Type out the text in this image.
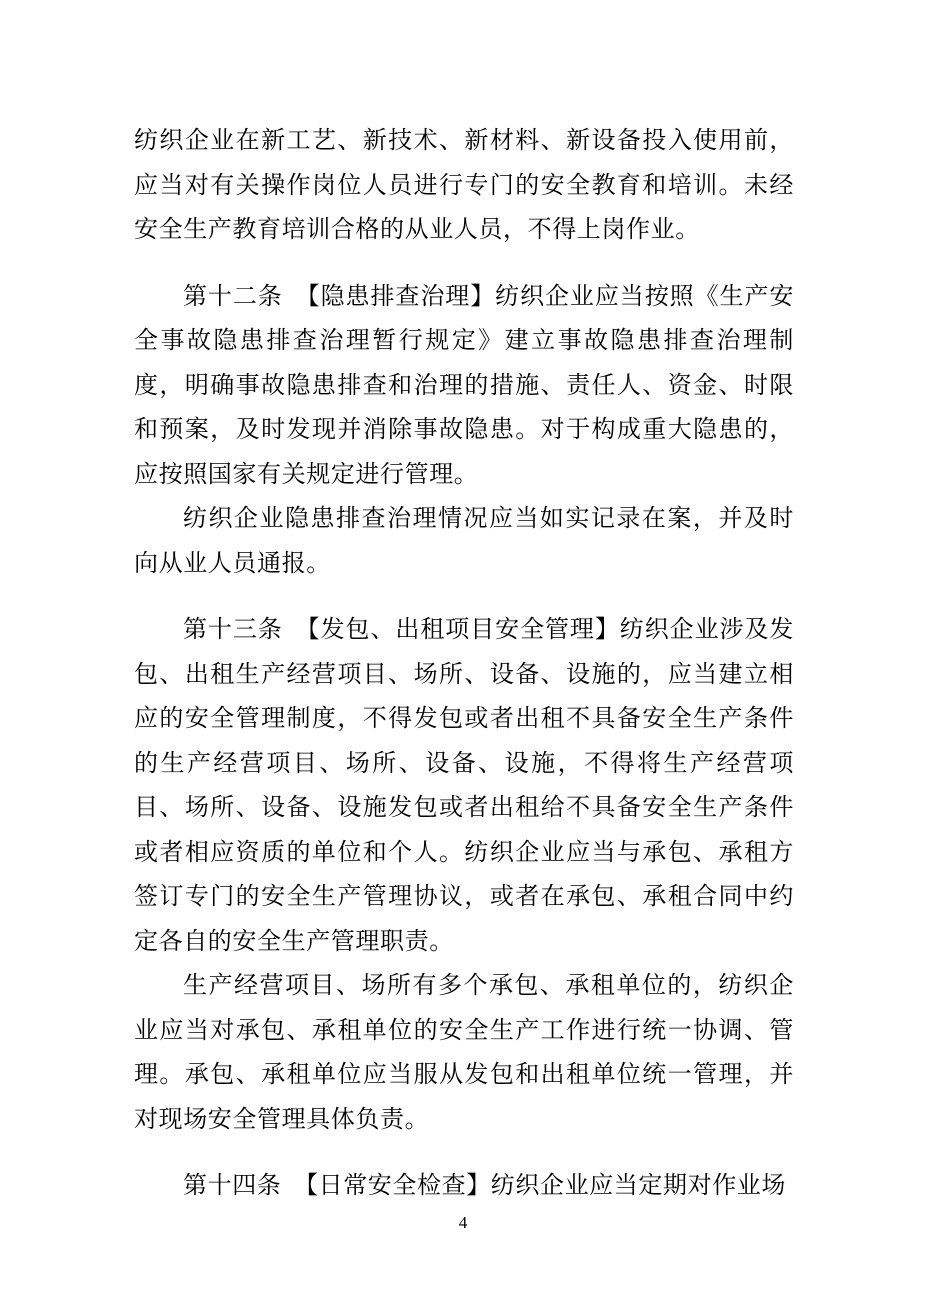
纺织企业在新工艺、新技术、新材料、新设备投入使用前，应当对有关操作岗位人员进行专门的安全教育和培训。未经安全生产教育培训合格的从业人员，不得上岗作业。

第十二条　【隐患排查治理】纺织企业应当按照《生产安全事故隐患排查治理暂行规定》建立事故隐患排查治理制度，明确事故隐患排查和治理的措施、责任人、资金、时限和预案，及时发现并消除事故隐患。对于构成重大隐患的，应按照国家有关规定进行管理。

纺织企业隐患排查治理情况应当如实记录在案，并及时向从业人员通报。

第十三条　【发包、出租项目安全管理】纺织企业涉及发包、出租生产经营项目、场所、设备、设施的，应当建立相应的安全管理制度，不得发包或者出租不具备安全生产条件的生产经营项目、场所、设备、设施，不得将生产经营项目、场所、设备、设施发包或者出租给不具备安全生产条件或者相应资质的单位和个人。纺织企业应当与承包、承租方签订专门的安全生产管理协议，或者在承包、承租合同中约定各自的安全生产管理职责。

生产经营项目、场所有多个承包、承租单位的，纺织企业应当对承包、承租单位的安全生产工作进行统一协调、管理。承包、承租单位应当服从发包和出租单位统一管理，并对现场安全管理具体负责。

第十四条　【日常安全检查】纺织企业应当定期对作业场

4
